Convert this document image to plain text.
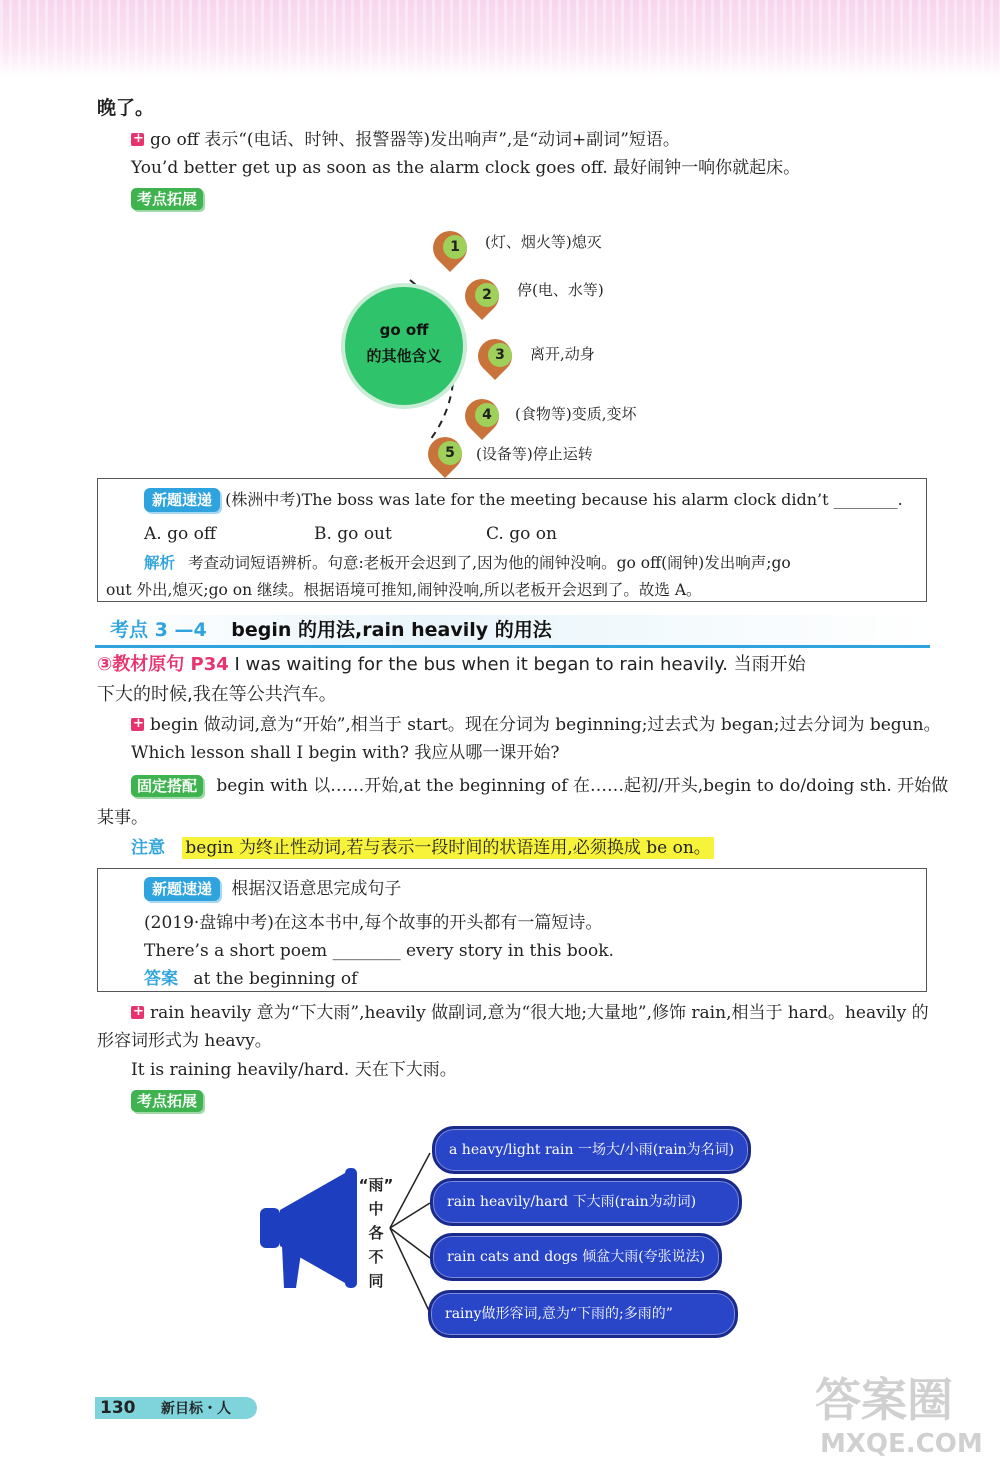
晚了。
+go off 表示“(电话、时钟、报警器等)发出响声”,是“动词+副词”短语。
You’d better get up as soon as the alarm clock goes off. 最好闹钟一响你就起床。
考点拓展
go off
的其他含义
1	(灯、烟火等)熄灭
2	停(电、水等)
3	离开,动身
4	(食物等)变质,变坏
5	(设备等)停止运转
新题速递 (株洲中考)The boss was late for the meeting because his alarm clock didn’t ________.
A. go off	B. go out	C. go on
解析 考查动词短语辨析。句意:老板开会迟到了,因为他的闹钟没响。go off(闹钟)发出响声;go
out 外出,熄灭;go on 继续。根据语境可推知,闹钟没响,所以老板开会迟到了。故选 A。
考点 3 —4 begin 的用法,rain heavily 的用法
③教材原句 P34 I was waiting for the bus when it began to rain heavily. 当雨开始
下大的时候,我在等公共汽车。
+begin 做动词,意为“开始”,相当于 start。现在分词为 beginning;过去式为 began;过去分词为 begun。
Which lesson shall I begin with? 我应从哪一课开始?
固定搭配 begin with 以……开始,at the beginning of 在……起初/开头,begin to do/doing sth. 开始做
某事。
注意 begin 为终止性动词,若与表示一段时间的状语连用,必须换成 be on。
新题速递 根据汉语意思完成句子
(2019·盘锦中考)在这本书中,每个故事的开头都有一篇短诗。
There’s a short poem ________ every story in this book.
答案 at the beginning of
+rain heavily 意为“下大雨”,heavily 做副词,意为“很大地;大量地”,修饰 rain,相当于 hard。heavily 的
形容词形式为 heavy。
It is raining heavily/hard. 天在下大雨。
考点拓展
“雨”
中
各
不
同
a heavy/light rain 一场大/小雨(rain为名词)
rain heavily/hard 下大雨(rain为动词)
rain cats and dogs 倾盆大雨(夸张说法)
rainy做形容词,意为“下雨的;多雨的”
130 新目标・人	答案圈
MXQE.COM
